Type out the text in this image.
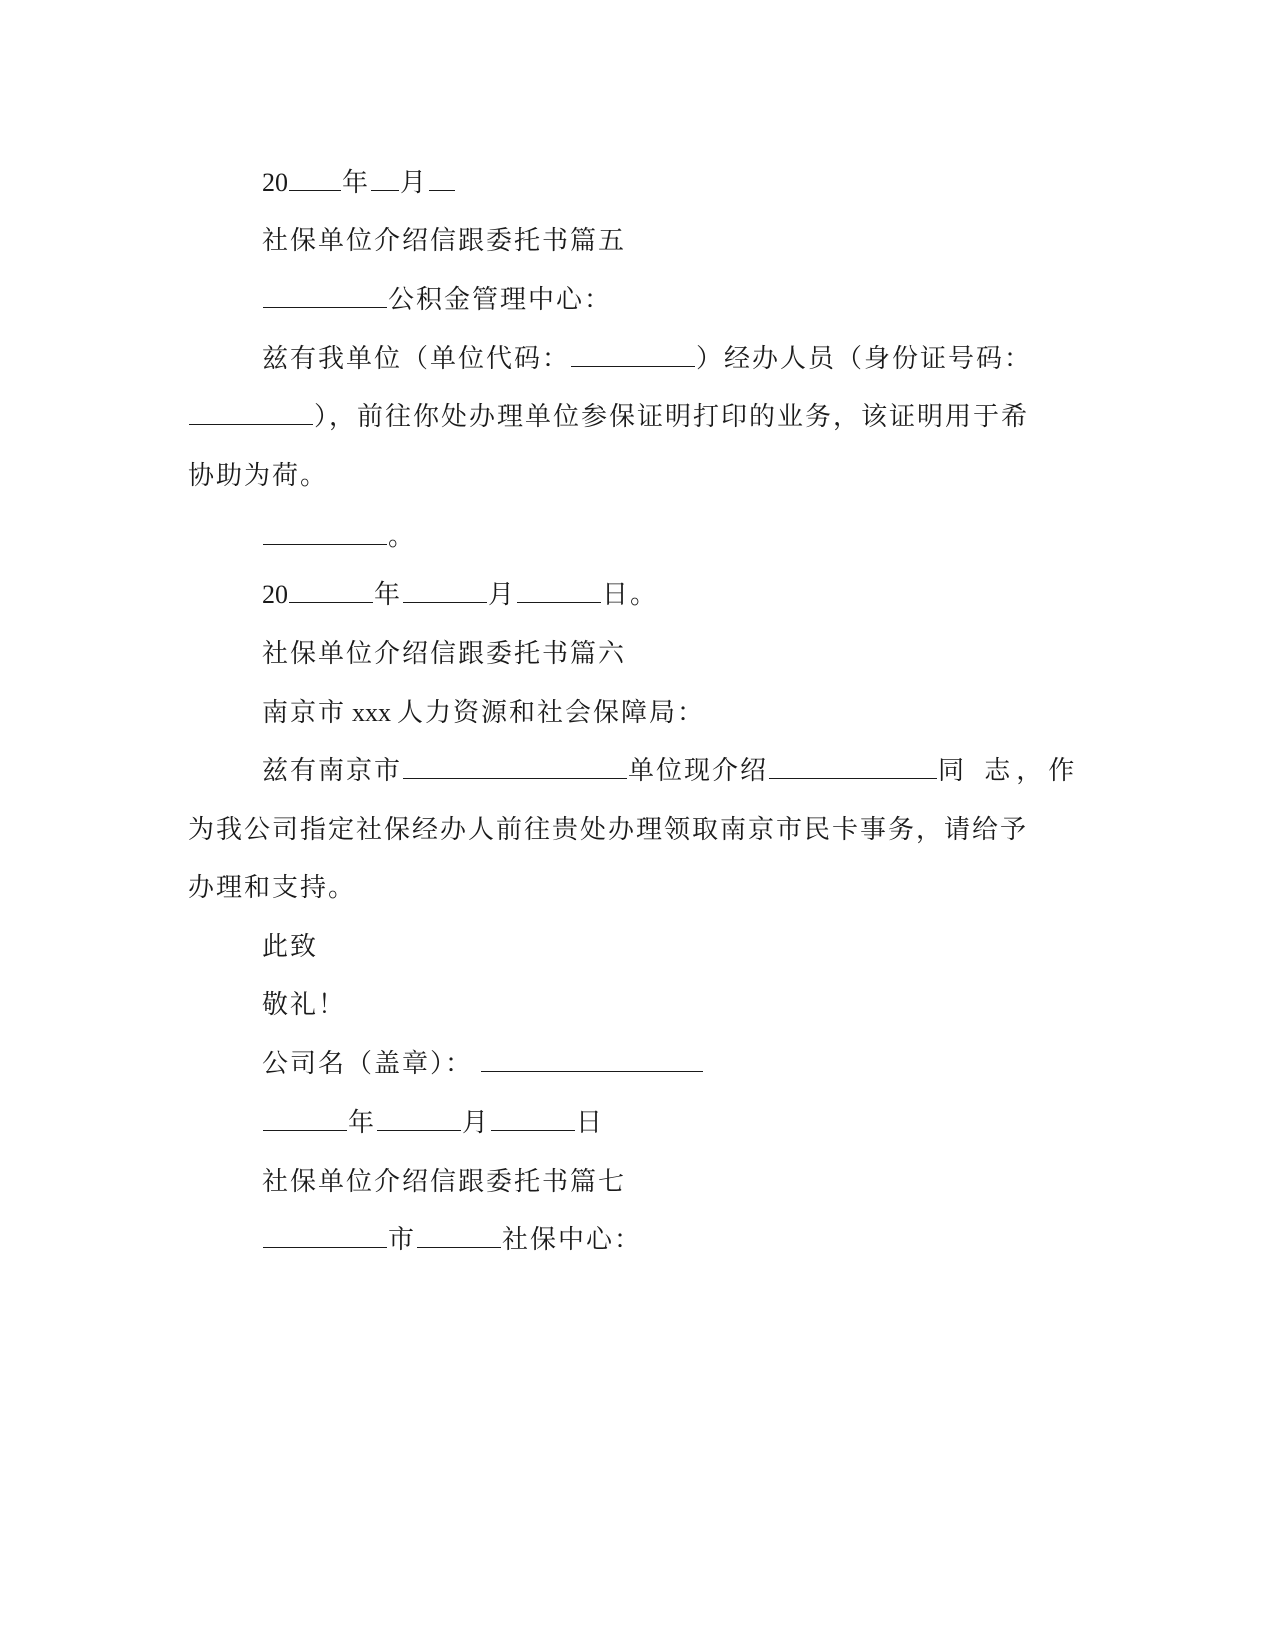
20 年 月
社保单位介绍信跟委托书篇五
公积金管理中心：
兹有我单位（单位代码：	）经办人员（身份证号码：
），前往你处办理单位参保证明打印的业务，该证明用于希
协助为荷。
。
20	年	月	日。
社保单位介绍信跟委托书篇六
南京市 xxx 人力资源和社会保障局：
兹有南京市	单位现介绍	同 志，作
为我公司指定社保经办人前往贵处办理领取南京市民卡事务，请给予
办理和支持。
此致
敬礼！
公司名（盖章）：
年	月	日
社保单位介绍信跟委托书篇七
市	社保中心：
